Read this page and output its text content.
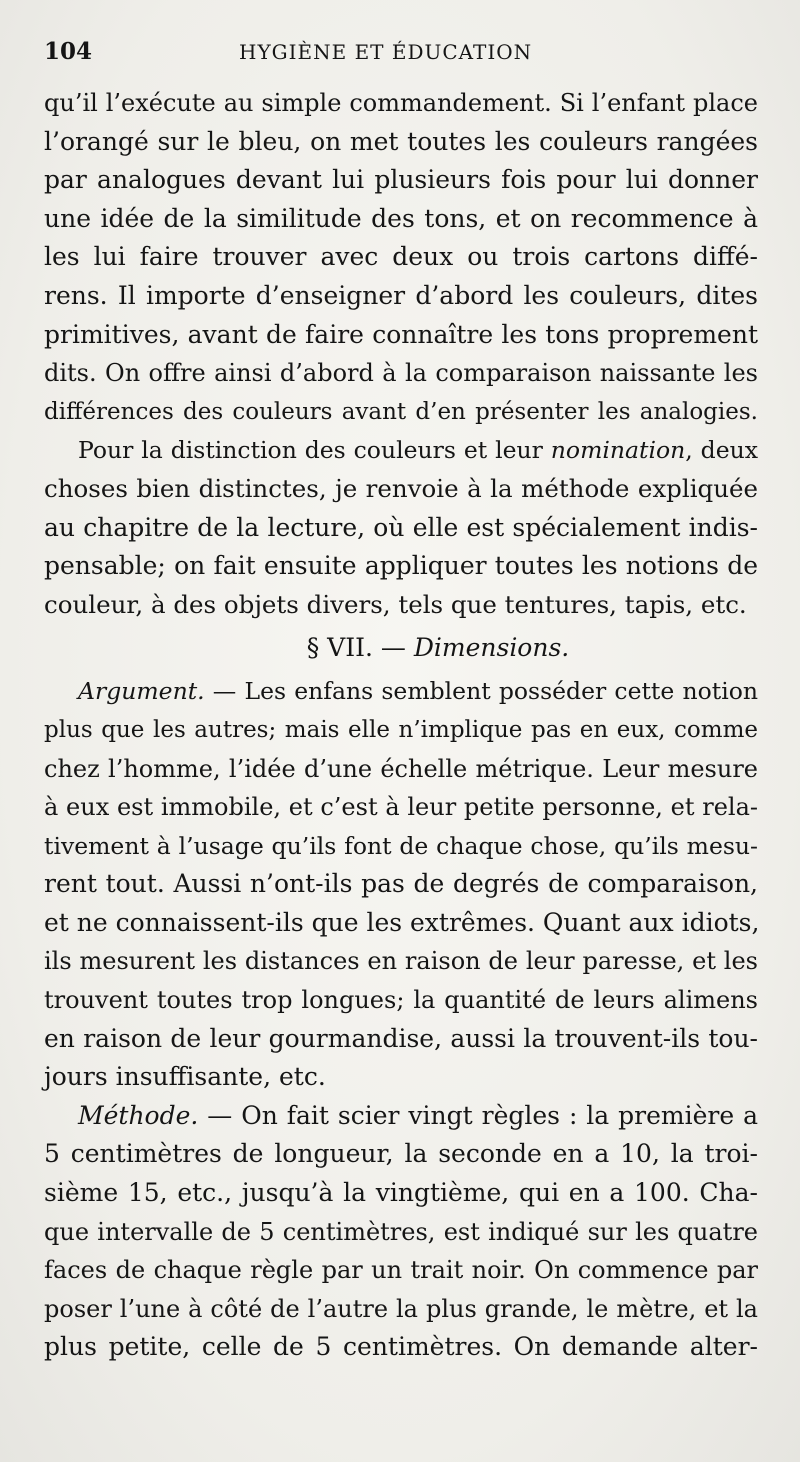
104	HYGIÈNE ET ÉDUCATION
qu’il l’exécute au simple commandement. Si l’enfant place
l’orangé sur le bleu, on met toutes les couleurs rangées
par analogues devant lui plusieurs fois pour lui donner
une idée de la similitude des tons, et on recommence à
les lui faire trouver avec deux ou trois cartons diffé-
rens. Il importe d’enseigner d’abord les couleurs, dites
primitives, avant de faire connaître les tons proprement
dits. On offre ainsi d’abord à la comparaison naissante les
différences des couleurs avant d’en présenter les analogies.
Pour la distinction des couleurs et leur nomination, deux
choses bien distinctes, je renvoie à la méthode expliquée
au chapitre de la lecture, où elle est spécialement indis-
pensable; on fait ensuite appliquer toutes les notions de
couleur, à des objets divers, tels que tentures, tapis, etc.
§ VII. — Dimensions.
Argument. — Les enfans semblent posséder cette notion
plus que les autres; mais elle n’implique pas en eux, comme
chez l’homme, l’idée d’une échelle métrique. Leur mesure
à eux est immobile, et c’est à leur petite personne, et rela-
tivement à l’usage qu’ils font de chaque chose, qu’ils mesu-
rent tout. Aussi n’ont-ils pas de degrés de comparaison,
et ne connaissent-ils que les extrêmes. Quant aux idiots,
ils mesurent les distances en raison de leur paresse, et les
trouvent toutes trop longues; la quantité de leurs alimens
en raison de leur gourmandise, aussi la trouvent-ils tou-
jours insuffisante, etc.
Méthode. — On fait scier vingt règles : la première a
5 centimètres de longueur, la seconde en a 10, la troi-
sième 15, etc., jusqu’à la vingtième, qui en a 100. Cha-
que intervalle de 5 centimètres, est indiqué sur les quatre
faces de chaque règle par un trait noir. On commence par
poser l’une à côté de l’autre la plus grande, le mètre, et la
plus petite, celle de 5 centimètres. On demande alter-
